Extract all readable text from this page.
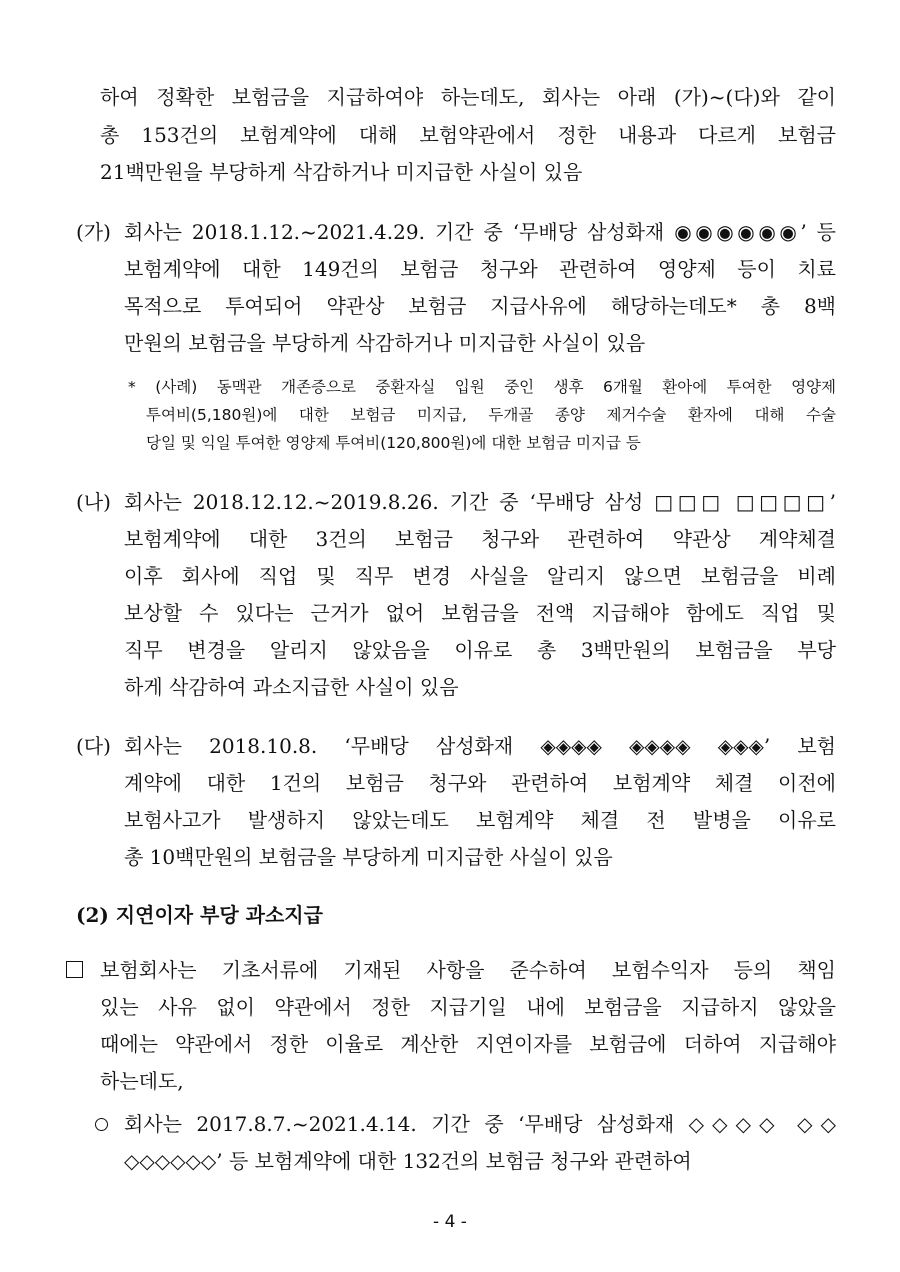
하여 정확한 보험금을 지급하여야 하는데도, 회사는 아래 (가)~(다)와 같이
총 153건의 보험계약에 대해 보험약관에서 정한 내용과 다르게 보험금
21백만원을 부당하게 삭감하거나 미지급한 사실이 있음
(가) 회사는 2018.1.12.~2021.4.29. 기간 중 ‘무배당 삼성화재 ◉◉◉◉◉◉’ 등
보험계약에 대한 149건의 보험금 청구와 관련하여 영양제 등이 치료
목적으로 투여되어 약관상 보험금 지급사유에 해당하는데도* 총 8백
만원의 보험금을 부당하게 삭감하거나 미지급한 사실이 있음
* (사례) 동맥관 개존증으로 중환자실 입원 중인 생후 6개월 환아에 투여한 영양제
투여비(5,180원)에 대한 보험금 미지급, 두개골 종양 제거수술 환자에 대해 수술
당일 및 익일 투여한 영양제 투여비(120,800원)에 대한 보험금 미지급 등
(나) 회사는 2018.12.12.~2019.8.26. 기간 중 ‘무배당 삼성 □□□ □□□□’
보험계약에 대한 3건의 보험금 청구와 관련하여 약관상 계약체결
이후 회사에 직업 및 직무 변경 사실을 알리지 않으면 보험금을 비례
보상할 수 있다는 근거가 없어 보험금을 전액 지급해야 함에도 직업 및
직무 변경을 알리지 않았음을 이유로 총 3백만원의 보험금을 부당
하게 삭감하여 과소지급한 사실이 있음
(다) 회사는 2018.10.8. ‘무배당 삼성화재 ◈◈◈◈ ◈◈◈◈ ◈◈◈’ 보험
계약에 대한 1건의 보험금 청구와 관련하여 보험계약 체결 이전에
보험사고가 발생하지 않았는데도 보험계약 체결 전 발병을 이유로
총 10백만원의 보험금을 부당하게 미지급한 사실이 있음
(2) 지연이자 부당 과소지급
보험회사는 기초서류에 기재된 사항을 준수하여 보험수익자 등의 책임
있는 사유 없이 약관에서 정한 지급기일 내에 보험금을 지급하지 않았을
때에는 약관에서 정한 이율로 계산한 지연이자를 보험금에 더하여 지급해야
하는데도,
회사는 2017.8.7.~2021.4.14. 기간 중 ‘무배당 삼성화재 ◇◇◇◇ ◇◇
◇◇◇◇◇◇’ 등 보험계약에 대한 132건의 보험금 청구와 관련하여
- 4 -
